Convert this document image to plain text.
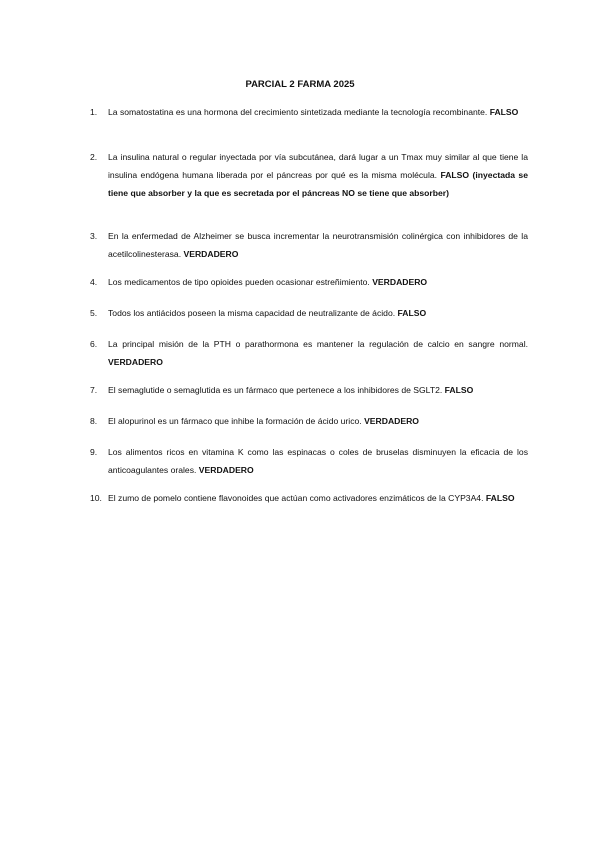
PARCIAL 2 FARMA 2025
1. La somatostatina es una hormona del crecimiento sintetizada mediante la tecnología recombinante. FALSO
2. La insulina natural o regular inyectada por vía subcutánea, dará lugar a un Tmax muy similar al que tiene la insulina endógena humana liberada por el páncreas por qué es la misma molécula. FALSO (inyectada se tiene que absorber y la que es secretada por el páncreas NO se tiene que absorber)
3. En la enfermedad de Alzheimer se busca incrementar la neurotransmisión colinérgica con inhibidores de la acetilcolinesterasa. VERDADERO
4. Los medicamentos de tipo opioides pueden ocasionar estreñimiento. VERDADERO
5. Todos los antiácidos poseen la misma capacidad de neutralizante de ácido. FALSO
6. La principal misión de la PTH o parathormona es mantener la regulación de calcio en sangre normal. VERDADERO
7. El semaglutide o semaglutida es un fármaco que pertenece a los inhibidores de SGLT2. FALSO
8. El alopurinol es un fármaco que inhibe la formación de ácido urico. VERDADERO
9. Los alimentos ricos en vitamina K como las espinacas o coles de bruselas disminuyen la eficacia de los anticoagulantes orales. VERDADERO
10. El zumo de pomelo contiene flavonoides que actúan como activadores enzimáticos de la CYP3A4. FALSO
